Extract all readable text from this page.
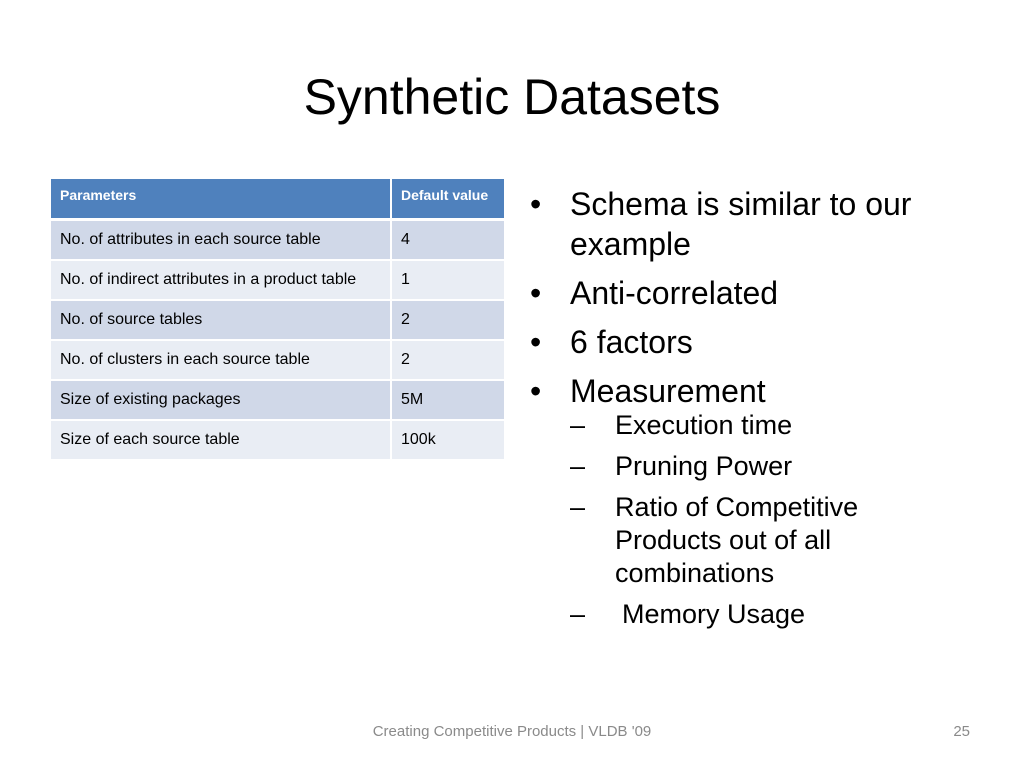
Synthetic Datasets
Parameters	Default value
No. of attributes in each source table	4
No. of indirect attributes in a product table	1
No. of source tables	2
No. of clusters in each source table	2
Size of existing packages	5M
Size of each source table	100k
• Schema is similar to our example
• Anti-correlated
• 6 factors
• Measurement
– Execution time
– Pruning Power
– Ratio of Competitive Products out of all combinations
– Memory Usage
Creating Competitive Products | VLDB '09	25
